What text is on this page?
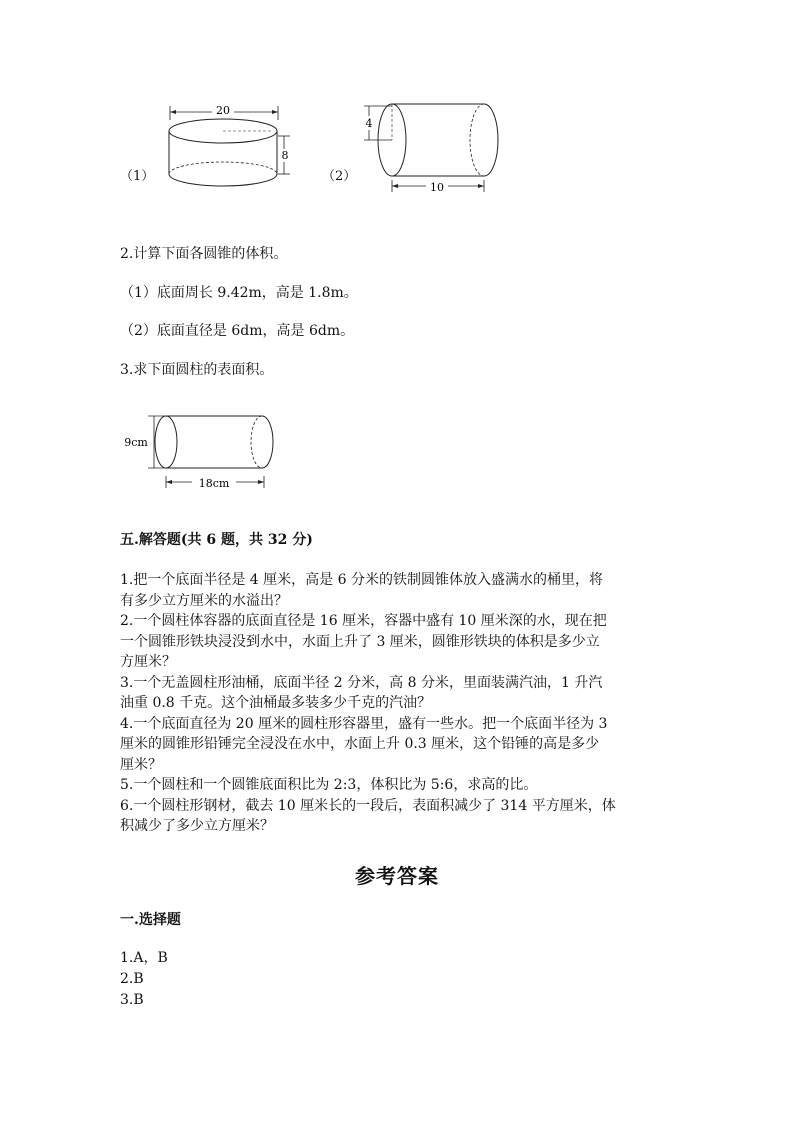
（1）
20
8
（2）
4
10
2.计算下面各圆锥的体积。
（1）底面周长 9.42m，高是 1.8m。
（2）底面直径是 6dm，高是 6dm。
3.求下面圆柱的表面积。
9cm
18cm
五.解答题(共 6 题，共 32 分)
1.把一个底面半径是 4 厘米，高是 6 分米的铁制圆锥体放入盛满水的桶里，将
有多少立方厘米的水溢出？
2.一个圆柱体容器的底面直径是 16 厘米，容器中盛有 10 厘米深的水，现在把
一个圆锥形铁块浸没到水中，水面上升了 3 厘米，圆锥形铁块的体积是多少立
方厘米？
3.一个无盖圆柱形油桶，底面半径 2 分米，高 8 分米，里面装满汽油，1 升汽
油重 0.8 千克。这个油桶最多装多少千克的汽油？
4.一个底面直径为 20 厘米的圆柱形容器里，盛有一些水。把一个底面半径为 3
厘米的圆锥形铅锤完全浸没在水中，水面上升 0.3 厘米，这个铅锤的高是多少
厘米？
5.一个圆柱和一个圆锥底面积比为 2:3，体积比为 5:6，求高的比。
6.一个圆柱形钢材，截去 10 厘米长的一段后，表面积减少了 314 平方厘米，体
积减少了多少立方厘米？
参考答案
一.选择题
1.A，B
2.B
3.B
